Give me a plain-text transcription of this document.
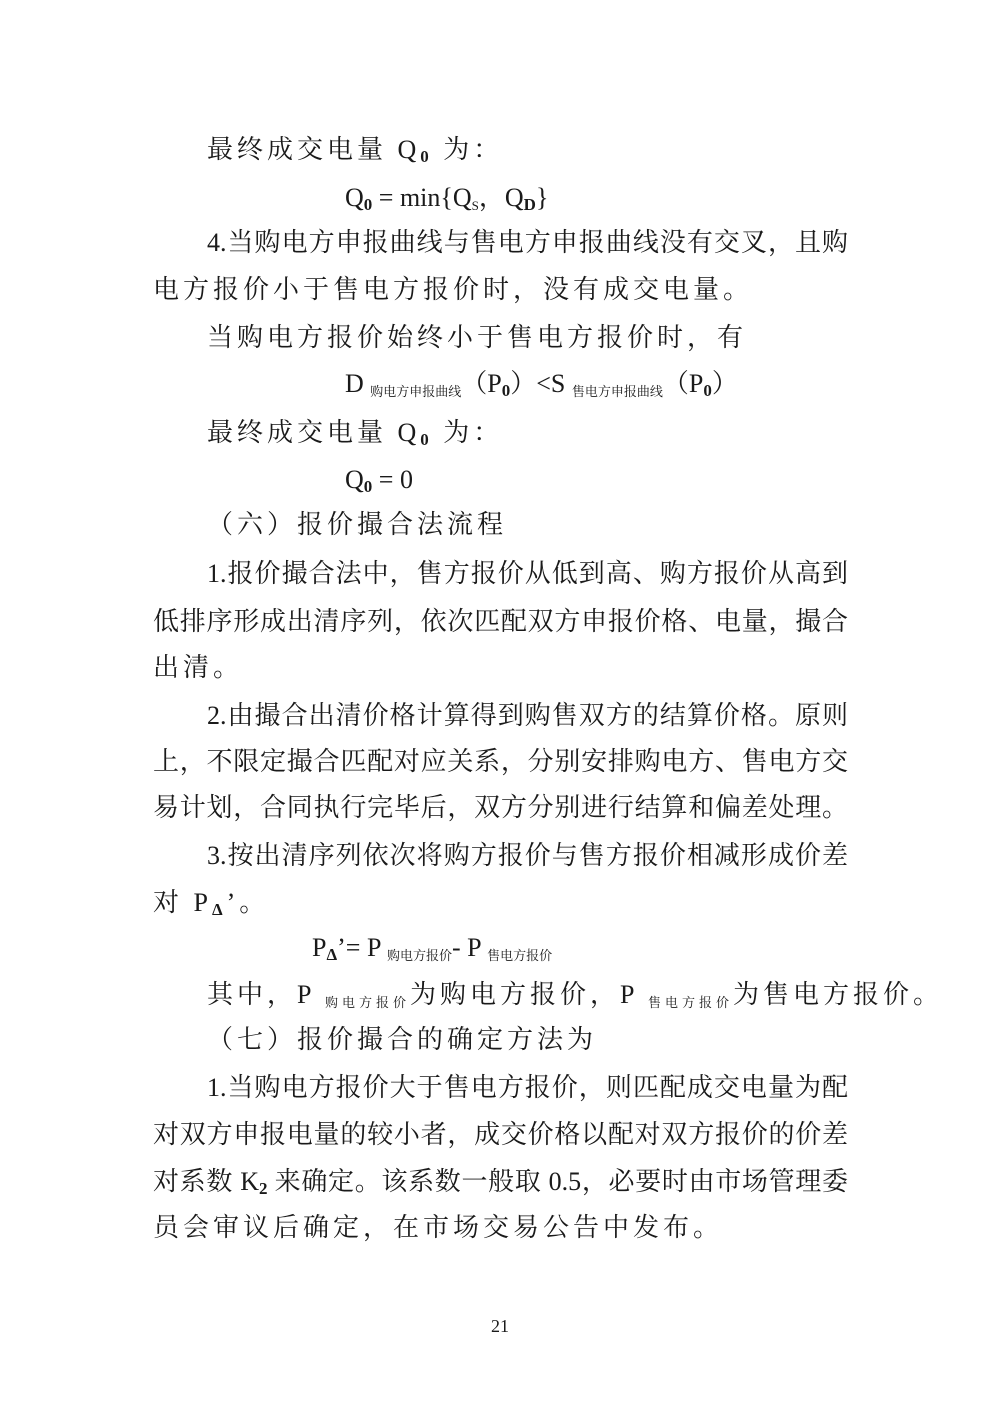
最终成交电量 Q0 为：
$Q0 = \min\{Q_S$，QD}
4.当购电方申报曲线与售电方申报曲线没有交叉，且购
电方报价小于售电方报价时，没有成交电量。
当购电方报价始终小于售电方报价时，有
D $_{购电方申报曲线}$（P0）<S $_{售电方申报曲线}$（P0）
最终成交电量 Q0 为：
Q0 = 0
（六）报价撮合法流程
1.报价撮合法中，售方报价从低到高、购方报价从高到
低排序形成出清序列，依次匹配双方申报价格、电量，撮合
出清。
2.由撮合出清价格计算得到购售双方的结算价格。原则
上，不限定撮合匹配对应关系，分别安排购电方、售电方交
易计划，合同执行完毕后，双方分别进行结算和偏差处理。
3.按出清序列依次将购方报价与售方报价相减形成价差
对 PΔ’。
PΔ’= P $_{购电方报价}$- P $_{售电方报价}$
其中，P $_{购电方报价}$为购电方报价，P $_{售电方报价}$为售电方报价。
（七）报价撮合的确定方法为
1.当购电方报价大于售电方报价，则匹配成交电量为配
对双方申报电量的较小者，成交价格以配对双方报价的价差
对系数 K2 来确定。该系数一般取 0.5，必要时由市场管理委
员会审议后确定，在市场交易公告中发布。
21
